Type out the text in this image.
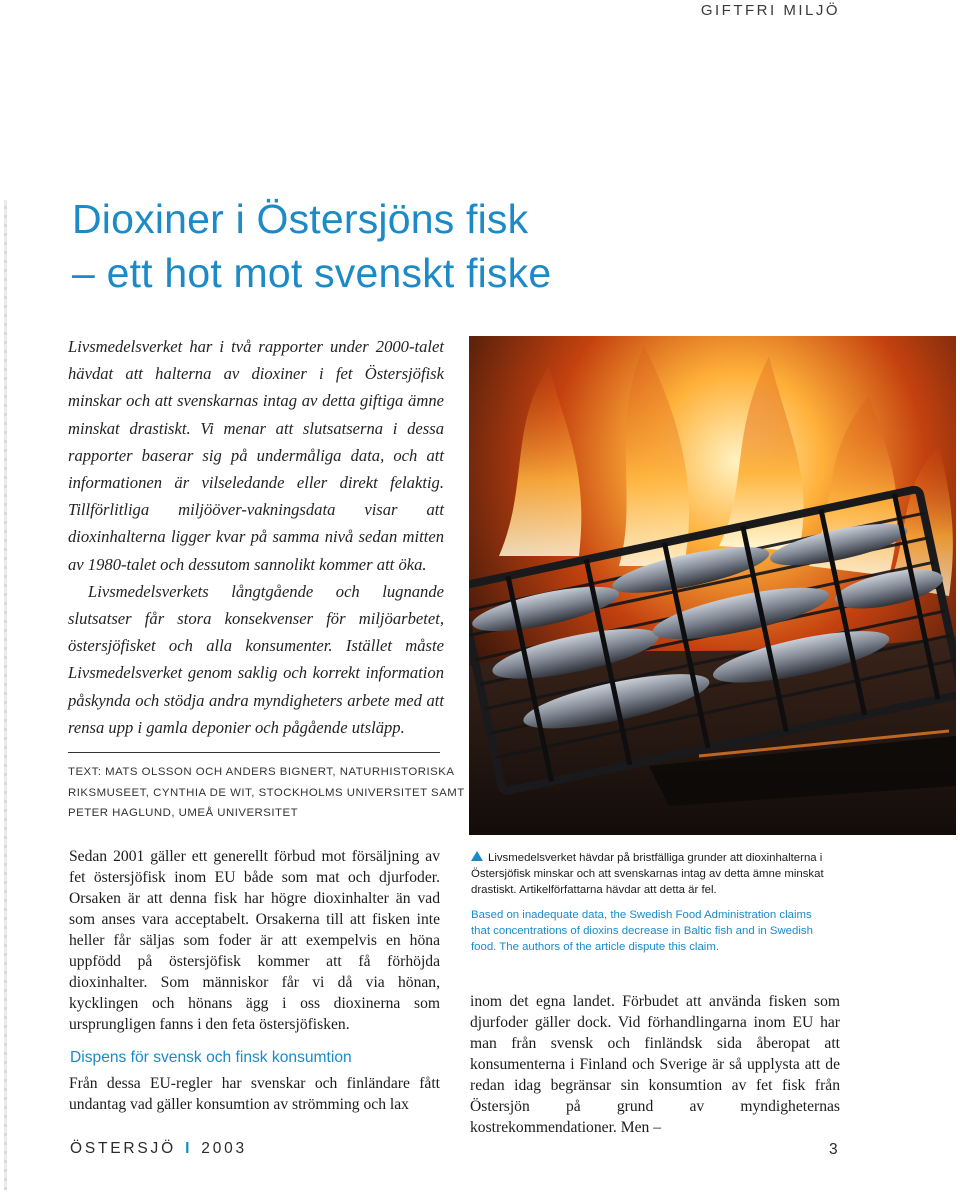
GIFTFRI MILJÖ
Dioxiner i Östersjöns fisk
– ett hot mot svenskt fiske

Livsmedelsverket har i två rapporter under 2000-talet hävdat att halterna av dioxiner i fet Östersjöfisk minskar och att svenskarnas intag av detta giftiga ämne minskat drastiskt. Vi menar att slutsatserna i dessa rapporter baserar sig på undermåliga data, och att informationen är vilseledande eller direkt felaktig. Tillförlitliga miljööver-vakningsdata visar att dioxinhalterna ligger kvar på samma nivå sedan mitten av 1980-talet och dessutom sannolikt kommer att öka.

Livsmedelsverkets långtgående och lugnande slutsatser får stora konsekvenser för miljöarbetet, östersjöfisket och alla konsumenter. Istället måste Livsmedelsverket genom saklig och korrekt information påskynda och stödja andra myndigheters arbete med att rensa upp i gamla deponier och pågående utsläpp.

TEXT: MATS OLSSON OCH ANDERS BIGNERT, NATURHISTORISKA
RIKSMUSEET, CYNTHIA DE WIT, STOCKHOLMS UNIVERSITET SAMT
PETER HAGLUND, UMEÅ UNIVERSITET

Sedan 2001 gäller ett generellt förbud mot försäljning av fet östersjöfisk inom EU både som mat och djurfoder. Orsaken är att denna fisk har högre dioxinhalter än vad som anses vara acceptabelt. Orsakerna till att fisken inte heller får säljas som foder är att exempelvis en höna uppfödd på östersjöfisk kommer att få förhöjda dioxinhalter. Som människor får vi då via hönan, kycklingen och hönans ägg i oss dioxinerna som ursprungligen fanns i den feta östersjöfisken.

Dispens för svensk och finsk konsumtion
Från dessa EU-regler har svenskar och finländare fått undantag vad gäller konsumtion av strömming och lax
Livsmedelsverket hävdar på bristfälliga grunder att dioxinhalterna i Östersjöfisk minskar och att svenskarnas intag av detta ämne minskat drastiskt. Artikelförfattarna hävdar att detta är fel.
Based on inadequate data, the Swedish Food Administration claims that concentrations of dioxins decrease in Baltic fish and in Swedish food. The authors of the article dispute this claim.
inom det egna landet. Förbudet att använda fisken som djurfoder gäller dock. Vid förhandlingarna inom EU har man från svensk och finländsk sida åberopat att konsumenterna i Finland och Sverige är så upplysta att de redan idag begränsar sin konsumtion av fet fisk från Östersjön på grund av myndigheternas kostrekommendationer. Men –
ÖSTERSJÖ I 2003	3
